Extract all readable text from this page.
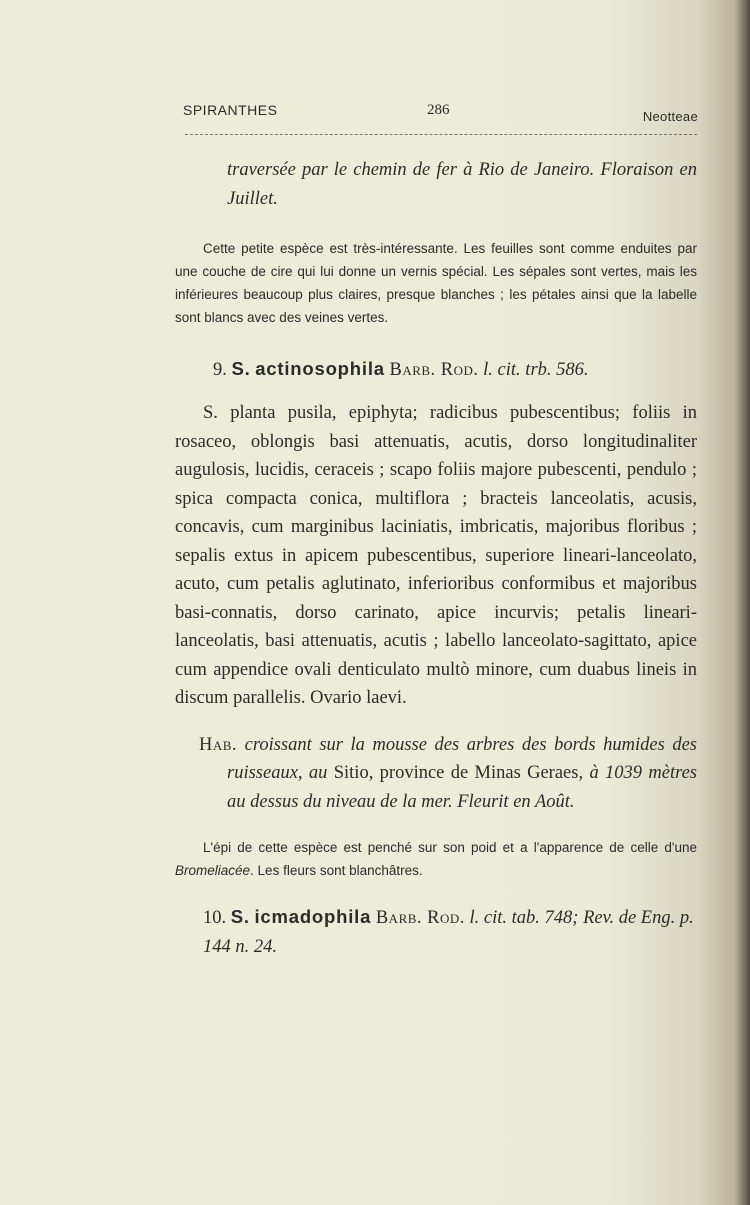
SPIRANTHES	286	Neotteae

traversée par le chemin de fer à Rio de Janeiro. Floraison en Juillet.

Cette petite espèce est très-intéressante. Les feuilles sont comme enduites par une couche de cire qui lui donne un vernis spécial. Les sépales sont vertes, mais les inférieures beaucoup plus claires, presque blanches ; les pétales ainsi que la labelle sont blancs avec des veines vertes.

9. S. actinosophila Barb. Rod. l. cit. trb. 586.

S. planta pusila, epiphyta; radicibus pubescentibus; foliis in rosaceo, oblongis basi attenuatis, acutis, dorso longitudinaliter augulosis, lucidis, ceraceis ; scapo foliis majore pubescenti, pendulo ; spica compacta conica, multiflora ; bracteis lanceolatis, acusis, concavis, cum marginibus laciniatis, imbricatis, majoribus floribus ; sepalis extus in apicem pubescentibus, superiore lineari-lanceolato, acuto, cum petalis aglutinato, inferioribus conformibus et majoribus basi-connatis, dorso carinato, apice incurvis; petalis lineari-lanceolatis, basi attenuatis, acutis ; labello lanceolato-sagittato, apice cum appendice ovali denticulato multò minore, cum duabus lineis in discum parallelis. Ovario laevi.

Hab. croissant sur la mousse des arbres des bords humides des ruisseaux, au Sitio, province de Minas Geraes, à 1039 mètres au dessus du niveau de la mer. Fleurit en Août.

L'épi de cette espèce est penché sur son poid et a l'apparence de celle d'une Bromeliacée. Les fleurs sont blanchâtres.

10. S. icmadophila Barb. Rod. l. cit. tab. 748; Rev. de Eng. p. 144 n. 24.
